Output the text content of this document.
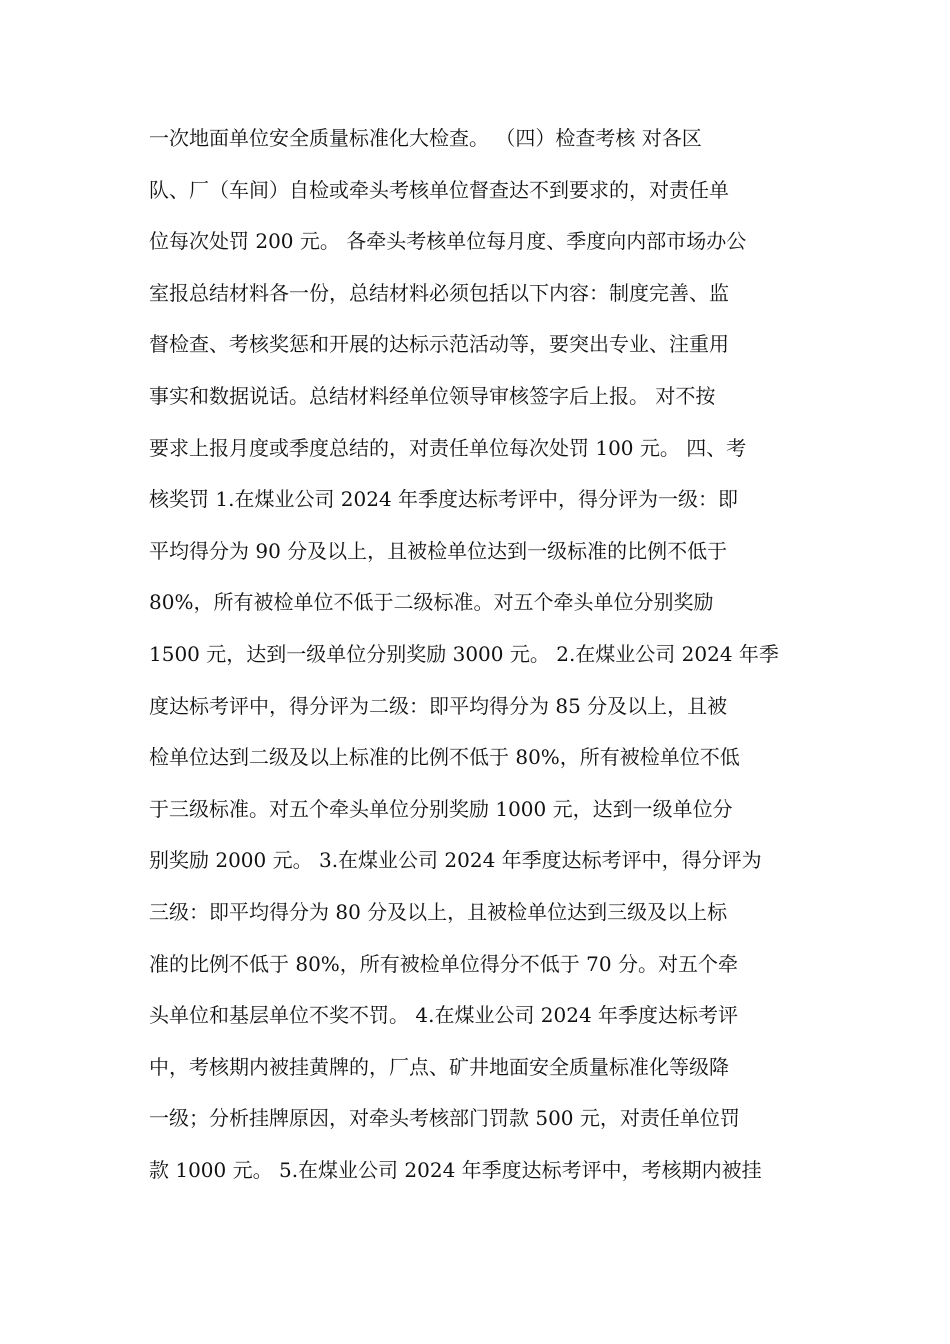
一次地面单位安全质量标准化大检查。 （四）检查考核 对各区
队、厂（车间）自检或牵头考核单位督查达不到要求的，对责任单
位每次处罚 200 元。 各牵头考核单位每月度、季度向内部市场办公
室报总结材料各一份，总结材料必须包括以下内容：制度完善、监
督检查、考核奖惩和开展的达标示范活动等，要突出专业、注重用
事实和数据说话。总结材料经单位领导审核签字后上报。 对不按
要求上报月度或季度总结的，对责任单位每次处罚 100 元。 四、考
核奖罚 1.在煤业公司 2024 年季度达标考评中，得分评为一级：即
平均得分为 90 分及以上，且被检单位达到一级标准的比例不低于
80%，所有被检单位不低于二级标准。对五个牵头单位分别奖励
1500 元，达到一级单位分别奖励 3000 元。 2.在煤业公司 2024 年季
度达标考评中，得分评为二级：即平均得分为 85 分及以上，且被
检单位达到二级及以上标准的比例不低于 80%，所有被检单位不低
于三级标准。对五个牵头单位分别奖励 1000 元，达到一级单位分
别奖励 2000 元。 3.在煤业公司 2024 年季度达标考评中，得分评为
三级：即平均得分为 80 分及以上，且被检单位达到三级及以上标
准的比例不低于 80%，所有被检单位得分不低于 70 分。对五个牵
头单位和基层单位不奖不罚。 4.在煤业公司 2024 年季度达标考评
中，考核期内被挂黄牌的，厂点、矿井地面安全质量标准化等级降
一级；分析挂牌原因，对牵头考核部门罚款 500 元，对责任单位罚
款 1000 元。 5.在煤业公司 2024 年季度达标考评中，考核期内被挂
